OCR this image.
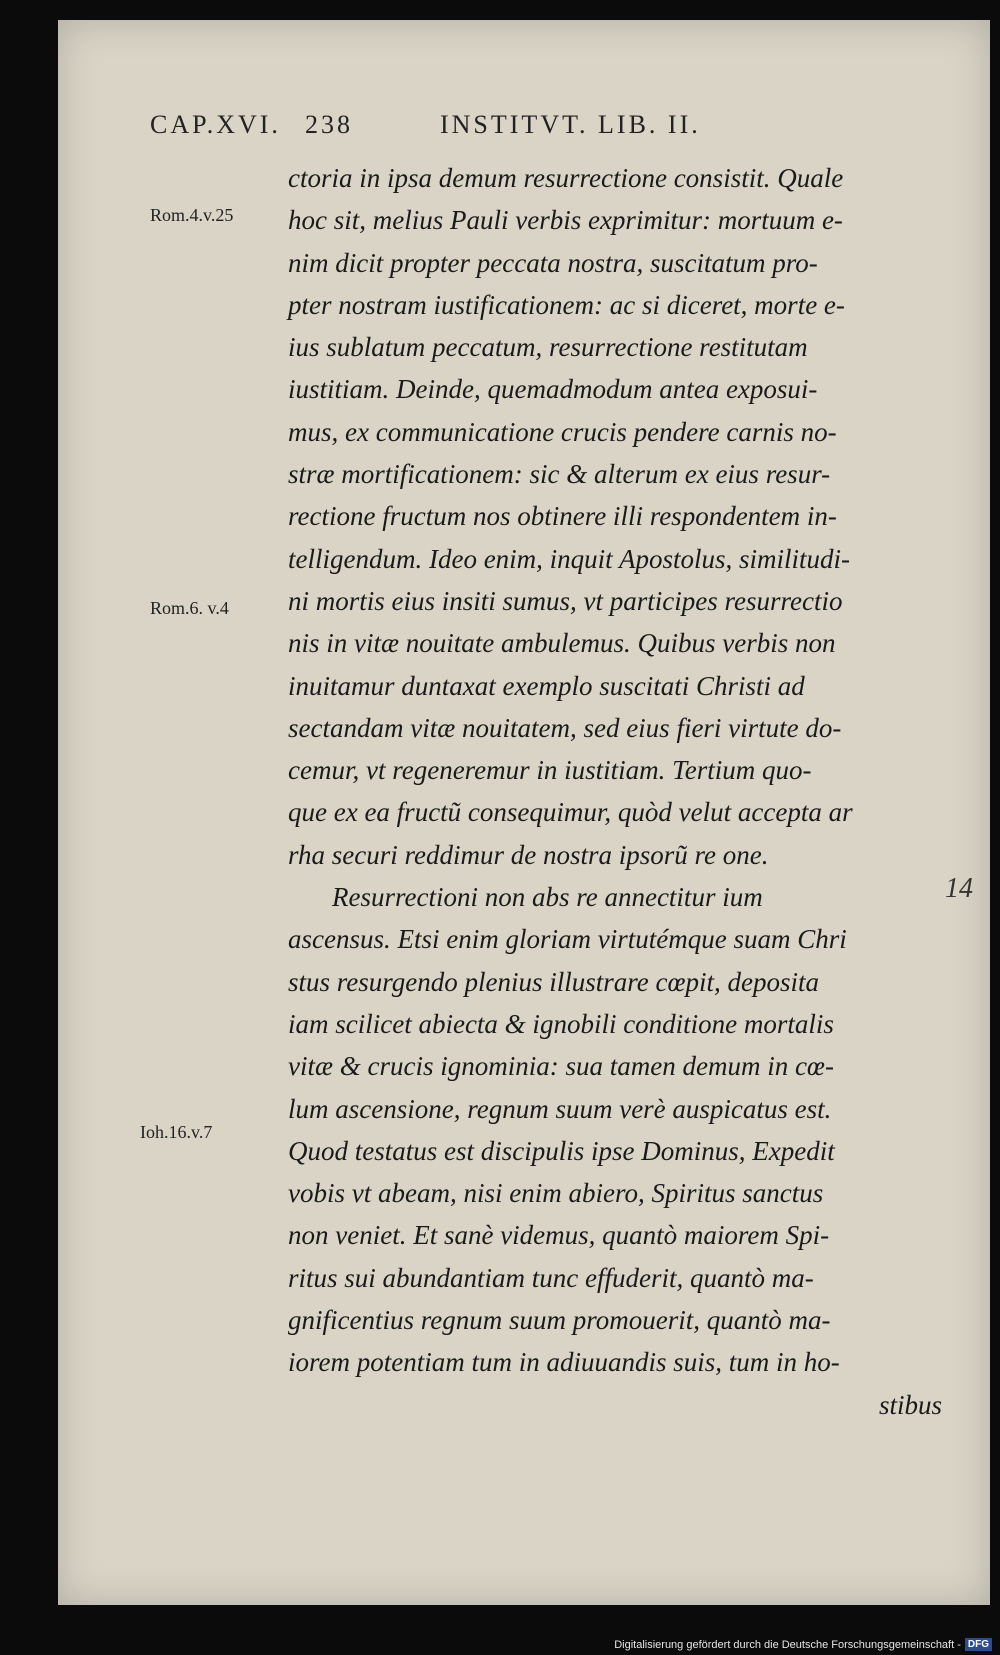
CAP.XVI. 238	INSTITVT. LIB. II.
Rom.4.v.25
Rom.6. v.4
Ioh.16.v.7
14
ctoria in ipsa demum resurrectione consistit. Quale
hoc sit, melius Pauli verbis exprimitur: mortuum e-
nim dicit propter peccata nostra, suscitatum pro-
pter nostram iustificationem: ac si diceret, morte e-
ius sublatum peccatum, resurrectione restitutam
iustitiam. Deinde, quemadmodum antea exposui-
mus, ex communicatione crucis pendere carnis no-
stræ mortificationem: sic & alterum ex eius resur-
rectione fructum nos obtinere illi respondentem in-
telligendum. Ideo enim, inquit Apostolus, similitudi-
ni mortis eius insiti sumus, vt participes resurrectio
nis in vitæ nouitate ambulemus. Quibus verbis non
inuitamur duntaxat exemplo suscitati Christi ad
sectandam vitæ nouitatem, sed eius fieri virtute do-
cemur, vt regeneremur in iustitiam. Tertium quo-
que ex ea fructũ consequimur, quòd velut accepta ar
rha securi reddimur de nostra ipsorũ re one.
Resurrectioni non abs re annectitur ium
ascensus. Etsi enim gloriam virtutémque suam Chri
stus resurgendo plenius illustrare cœpit, deposita
iam scilicet abiecta & ignobili conditione mortalis
vitæ & crucis ignominia: sua tamen demum in cœ-
lum ascensione, regnum suum verè auspicatus est.
Quod testatus est discipulis ipse Dominus, Expedit
vobis vt abeam, nisi enim abiero, Spiritus sanctus
non veniet. Et sanè videmus, quantò maiorem Spi-
ritus sui abundantiam tunc effuderit, quantò ma-
gnificentius regnum suum promouerit, quantò ma-
iorem potentiam tum in adiuuandis suis, tum in ho-
stibus
Digitalisierung gefördert durch die Deutsche Forschungsgemeinschaft - DFG
